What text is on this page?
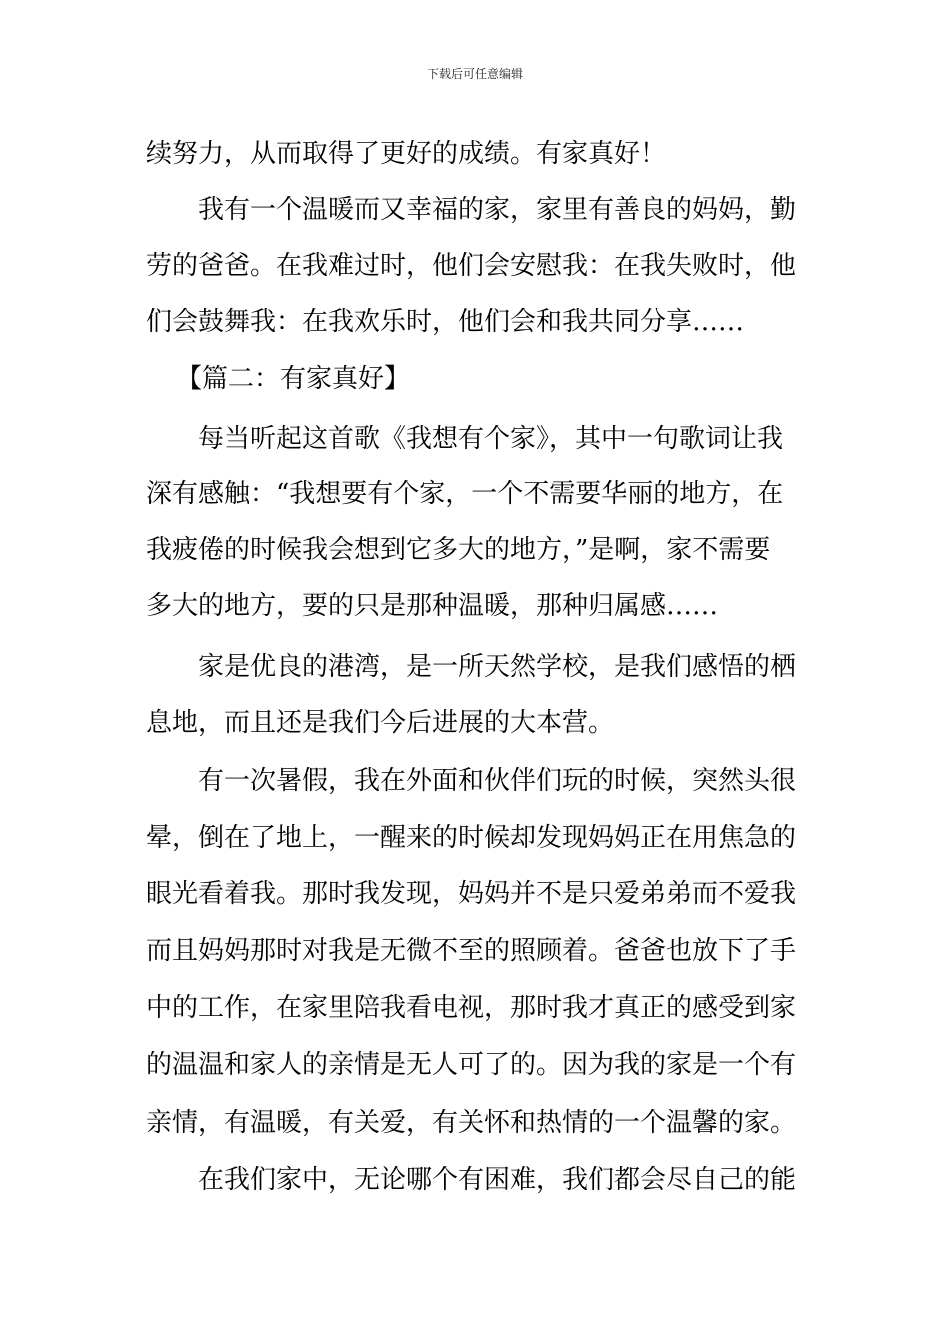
下载后可任意编辑
续努力，从而取得了更好的成绩。有家真好！
我有一个温暖而又幸福的家，家里有善良的妈妈，勤
劳的爸爸。在我难过时，他们会安慰我：在我失败时，他
们会鼓舞我：在我欢乐时，他们会和我共同分享……
【篇二：有家真好】
每当听起这首歌《我想有个家》，其中一句歌词让我
深有感触：“我想要有个家，一个不需要华丽的地方，在
我疲倦的时候我会想到它多大的地方，”是啊，家不需要
多大的地方，要的只是那种温暖，那种归属感……
家是优良的港湾，是一所天然学校，是我们感悟的栖
息地，而且还是我们今后进展的大本营。
有一次暑假，我在外面和伙伴们玩的时候，突然头很
晕，倒在了地上，一醒来的时候却发现妈妈正在用焦急的
眼光看着我。那时我发现，妈妈并不是只爱弟弟而不爱我
而且妈妈那时对我是无微不至的照顾着。爸爸也放下了手
中的工作，在家里陪我看电视，那时我才真正的感受到家
的温温和家人的亲情是无人可了的。因为我的家是一个有
亲情，有温暖，有关爱，有关怀和热情的一个温馨的家。
在我们家中，无论哪个有困难，我们都会尽自己的能
